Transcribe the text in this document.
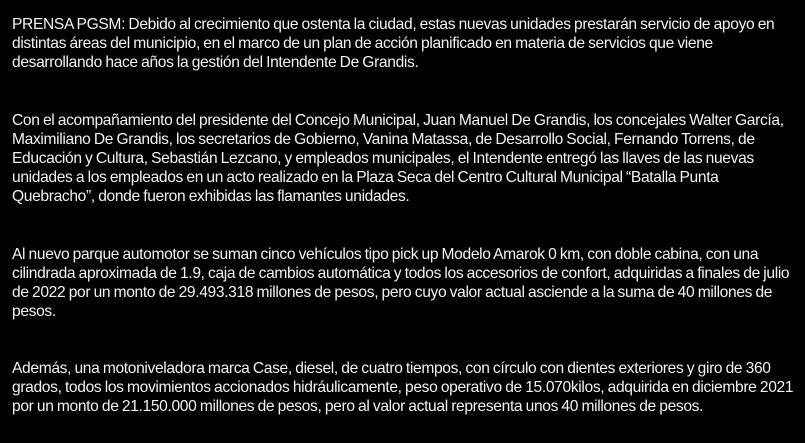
PRENSA PGSM: Debido al crecimiento que ostenta la ciudad, estas nuevas unidades prestarán servicio de apoyo en distintas áreas del municipio, en el marco de un plan de acción planificado en materia de servicios que viene desarrollando hace años la gestión del Intendente De Grandis.

Con el acompañamiento del presidente del Concejo Municipal, Juan Manuel De Grandis, los concejales Walter García, Maximiliano De Grandis, los secretarios de Gobierno, Vanina Matassa, de Desarrollo Social, Fernando Torrens, de Educación y Cultura, Sebastián Lezcano, y empleados municipales, el Intendente entregó las llaves de las nuevas unidades a los empleados en un acto realizado en la Plaza Seca del Centro Cultural Municipal “Batalla Punta Quebracho”, donde fueron exhibidas las flamantes unidades.

Al nuevo parque automotor se suman cinco vehículos tipo pick up Modelo Amarok 0 km, con doble cabina, con una cilindrada aproximada de 1.9, caja de cambios automática y todos los accesorios de confort, adquiridas a finales de julio de 2022 por un monto de 29.493.318 millones de pesos, pero cuyo valor actual asciende a la suma de 40 millones de pesos.

Además, una motoniveladora marca Case, diesel, de cuatro tiempos, con círculo con dientes exteriores y giro de 360 grados, todos los movimientos accionados hidráulicamente, peso operativo de 15.070kilos, adquirida en diciembre 2021 por un monto de 21.150.000 millones de pesos, pero al valor actual representa unos 40 millones de pesos.
